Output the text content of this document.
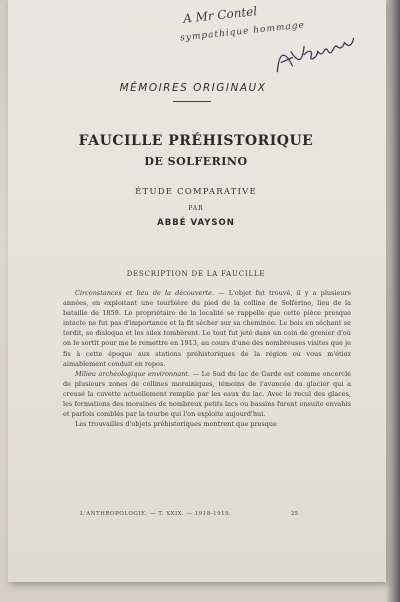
A Mr Contel
sympathique hommage
MÉMOIRES ORIGINAUX
FAUCILLE PRÉHISTORIQUE
DE SOLFERINO
ÉTUDE COMPARATIVE
PAR
ABBÉ VAYSON
DESCRIPTION DE LA FAUCILLE

Circonstances et lieu de la découverte. — L'objet fut trouvé, il y a plusieurs années, en exploitant une tourbière du pied de la colline de Solferino, lieu de la bataille de 1859. Le propriétaire de la localité se rappelle que cette pièce presque intacte ne fut pas d'importance et la fit sécher sur sa cheminée. Le bois en séchant se tordit, se disloqua et les silex tombèrent. Le tout fut jeté dans un coin de grenier d'où on le sortit pour me le remettre en 1913, au cours d'une des nombreuses visites que je fis à cette époque aux stations préhistoriques de la région où vous m'étiez aimablement conduit en repos.

Milieu archéologique environnant. — Le Sud du lac de Garde est comme encerclé de plusieurs zones de collines morainiques, témoins de l'avancée du glacier qui a creusé la cuvette actuellement remplie par les eaux du lac. Avec le recul des glaces, les formations des moraines de nombreux petits lacs ou bassins furent ensuite envahis et parfois comblés par la tourbe qui l'on exploite aujourd'hui.

Les trouvailles d'objets préhistoriques montrent que presque

L'ANTHROPOLOGIE. — T. XXIX. — 1918-1919.	25
